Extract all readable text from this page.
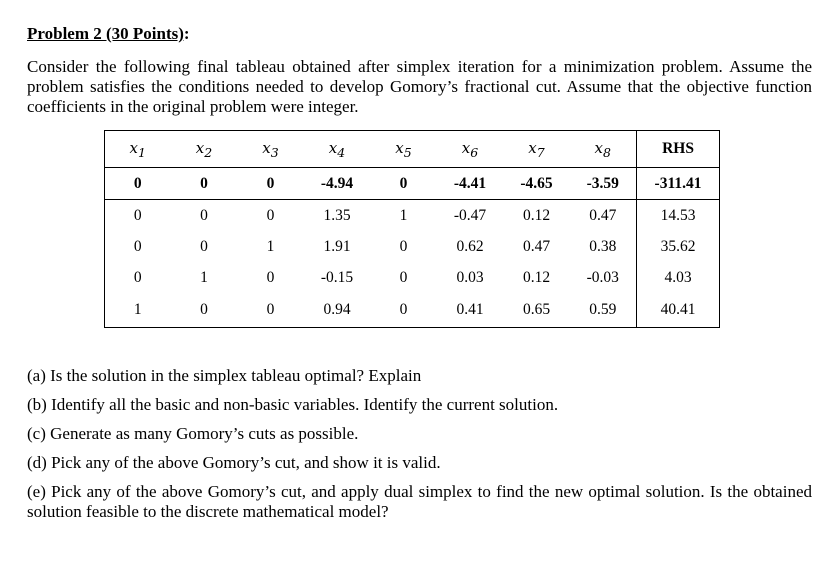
Problem 2 (30 Points):

Consider the following final tableau obtained after simplex iteration for a minimization problem. Assume the problem satisfies the conditions needed to develop Gomory’s fractional cut. Assume that the objective function coefficients in the original problem were integer.

$x_1$	$x_2$	$x_3$	$x_4$	$x_5$	$x_6$	$x_7$	$x_8$	RHS
0	0	0	-4.94	0	-4.41	-4.65	-3.59	-311.41
0	0	0	1.35	1	-0.47	0.12	0.47	14.53
0	0	1	1.91	0	0.62	0.47	0.38	35.62
0	1	0	-0.15	0	0.03	0.12	-0.03	4.03
1	0	0	0.94	0	0.41	0.65	0.59	40.41

(a) Is the solution in the simplex tableau optimal? Explain

(b) Identify all the basic and non-basic variables. Identify the current solution.

(c) Generate as many Gomory’s cuts as possible.

(d) Pick any of the above Gomory’s cut, and show it is valid.

(e) Pick any of the above Gomory’s cut, and apply dual simplex to find the new optimal solution. Is the obtained solution feasible to the discrete mathematical model?
